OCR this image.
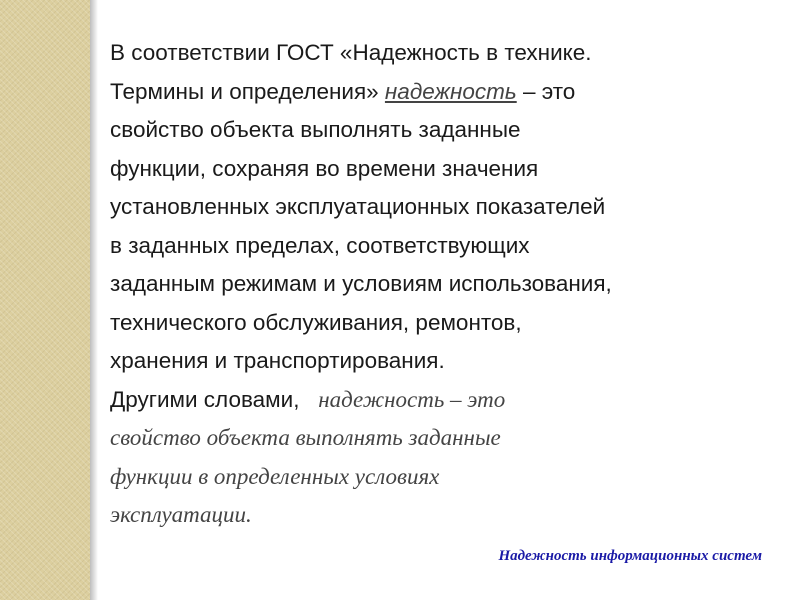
В соответствии ГОСТ «Надежность в технике.
Термины и определения» надежность – это
свойство объекта выполнять заданные
функции, сохраняя во времени значения
установленных эксплуатационных показателей
в заданных пределах, соответствующих
заданным режимам и условиям использования,
технического обслуживания, ремонтов,
хранения и транспортирования.
Другими словами,   надежность – это
свойство объекта выполнять заданные
функции в определенных условиях
эксплуатации.
Надежность информационных систем
